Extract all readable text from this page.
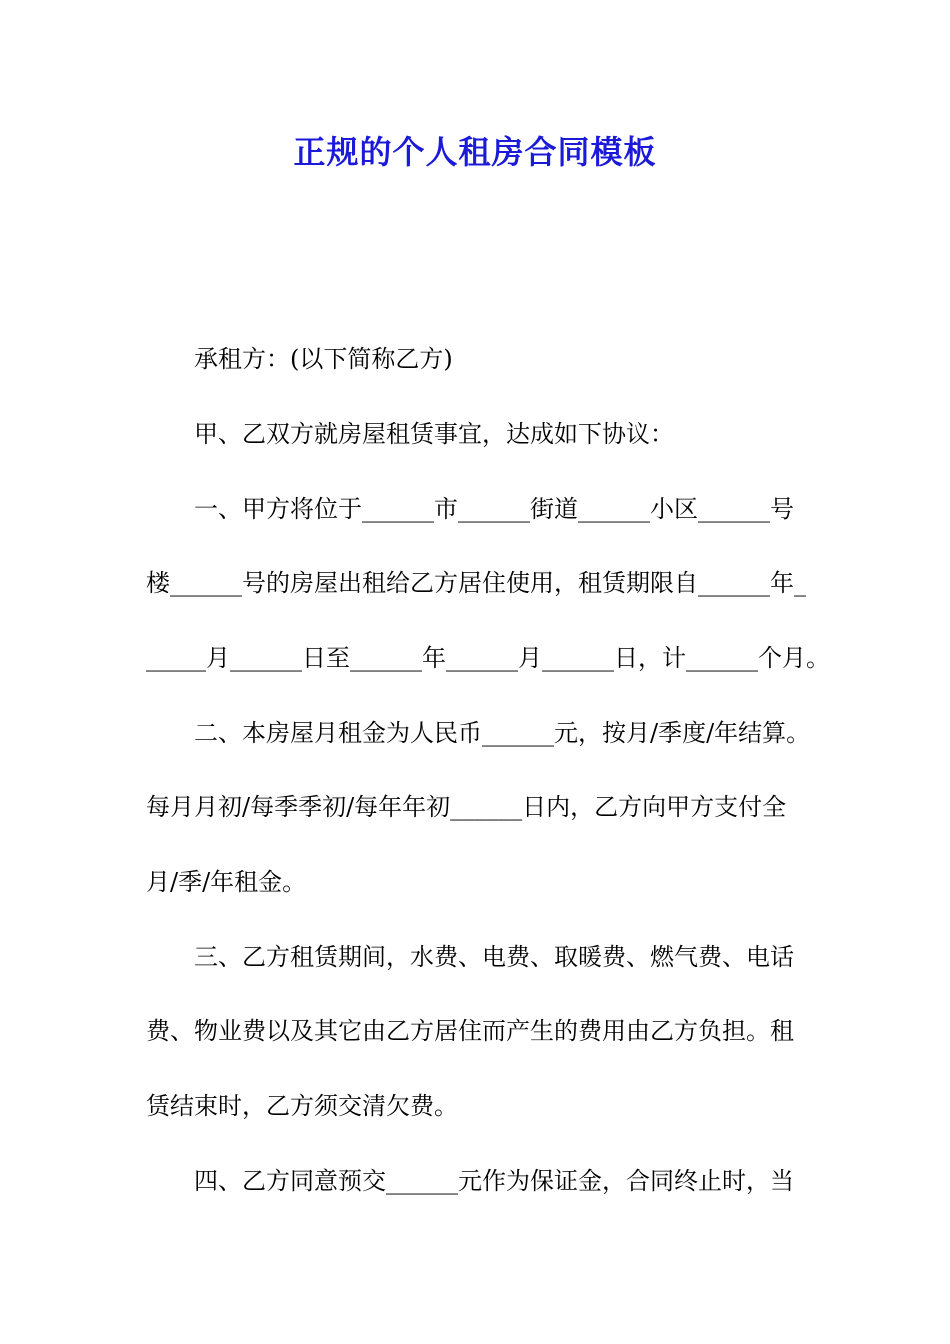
正规的个人租房合同模板
承租方：(以下简称乙方)
甲、乙双方就房屋租赁事宜，达成如下协议：
一、甲方将位于______市______街道______小区______号
楼______号的房屋出租给乙方居住使用，租赁期限自______年_
_____月______日至______年______月______日，计______个月。
二、本房屋月租金为人民币______元，按月/季度/年结算。
每月月初/每季季初/每年年初______日内，乙方向甲方支付全
月/季/年租金。
三、乙方租赁期间，水费、电费、取暖费、燃气费、电话
费、物业费以及其它由乙方居住而产生的费用由乙方负担。租
赁结束时，乙方须交清欠费。
四、乙方同意预交______元作为保证金，合同终止时，当
